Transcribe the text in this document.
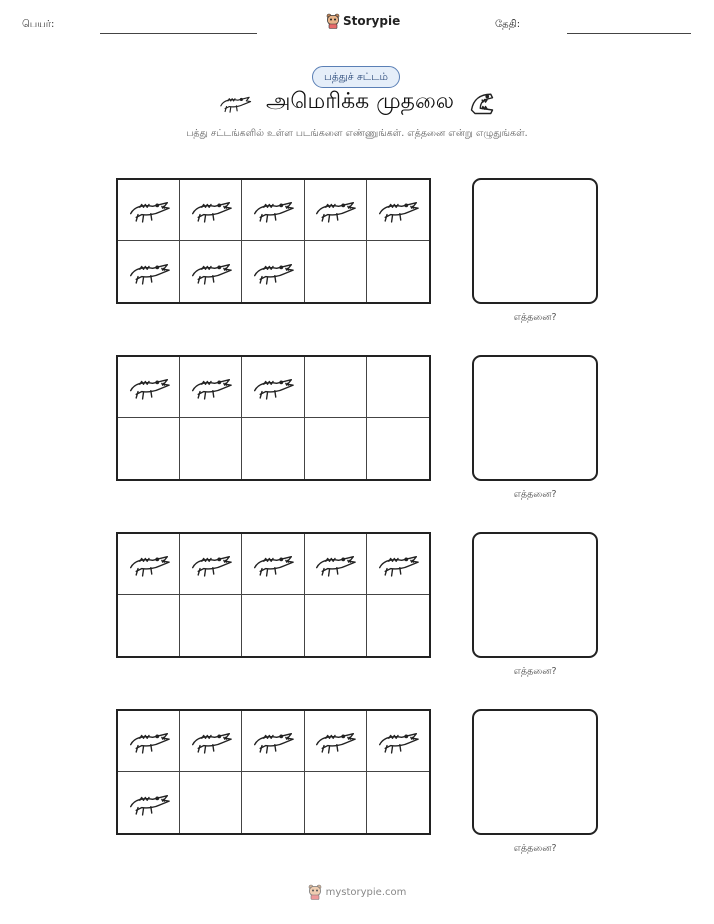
பெயர்:	Storypie	தேதி:
பத்துச் சட்டம்
அமெரிக்க முதலை
பத்து சட்டங்களில் உள்ள படங்களை எண்ணுங்கள். எத்தனை என்று எழுதுங்கள்.
எத்தனை?
எத்தனை?
எத்தனை?
எத்தனை?
mystorypie.com
